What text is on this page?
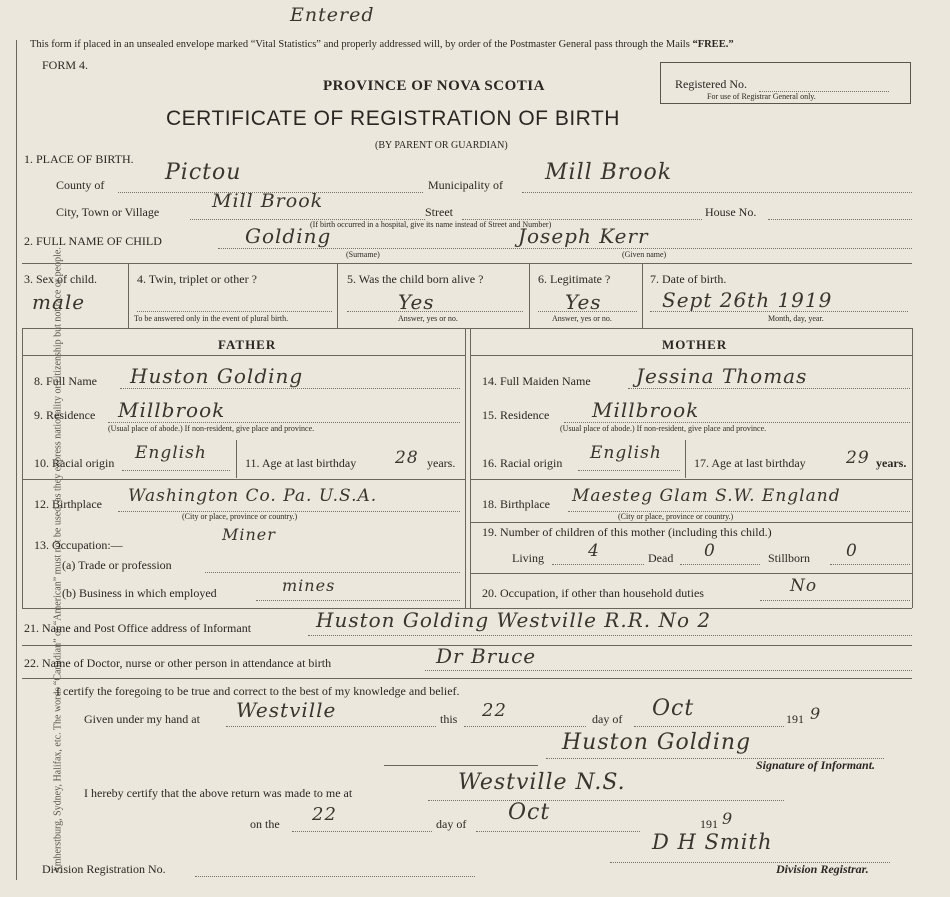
Amherstburg, Sydney, Halifax, etc. The words “Canadian” or “American” must not be used, as they express nationality or citizenship but not race or people.
Entered
This form if placed in an unsealed envelope marked “Vital Statistics” and properly addressed will, by order of the Postmaster General pass through the Mails “FREE.”
FORM 4.
PROVINCE OF NOVA SCOTIA
CERTIFICATE OF REGISTRATION OF BIRTH
(BY PARENT OR GUARDIAN)
Registered No.
For use of Registrar General only.
1. PLACE OF BIRTH.
County of	Pictou	Municipality of Mill Brook
City, Town or Village	Mill Brook	Street	House No.
(If birth occurred in a hospital, give its name instead of Street and Number)
2. FULL NAME OF CHILD	Golding	Joseph Kerr
(Surname)	(Given name)
3. Sex of child.
male
4. Twin, triplet or other ?
To be answered only in the event of plural birth.
5. Was the child born alive ?
Yes
Answer, yes or no.
6. Legitimate ?
Yes
Answer, yes or no.
7. Date of birth.
Sept 26th 1919
Month, day, year.
FATHER	MOTHER
8. Full Name Huston Golding
9. Residence Millbrook
(Usual place of abode.) If non-resident, give place and province.
10. Racial origin English	11. Age at last birthday 28 years.
12. Birthplace Washington Co. Pa. U.S.A.
(City or place, province or country.)
13. Occupation:—
Miner
(a) Trade or profession
(b) Business in which employed	mines
14. Full Maiden Name Jessina Thomas
15. Residence Millbrook
(Usual place of abode.) If non-resident, give place and province.
16. Racial origin English	17. Age at last birthday 29 years.
18. Birthplace Maesteg Glam S.W. England
(City or place, province or country.)
19. Number of children of this mother (including this child.)
Living	4	Dead 0	Stillborn 0
20. Occupation, if other than household duties	No
21. Name and Post Office address of Informant	Huston Golding Westville R.R. No 2
22. Name of Doctor, nurse or other person in attendance at birth	Dr Bruce
I certify the foregoing to be true and correct to the best of my knowledge and belief.
Given under my hand at Westville	this 22	day of Oct	191 9
Huston Golding
Signature of Informant.
I hereby certify that the above return was made to me at	Westville N.S.
on the 22	day of Oct	191 9
D H Smith
Division Registration No.	Division Registrar.
